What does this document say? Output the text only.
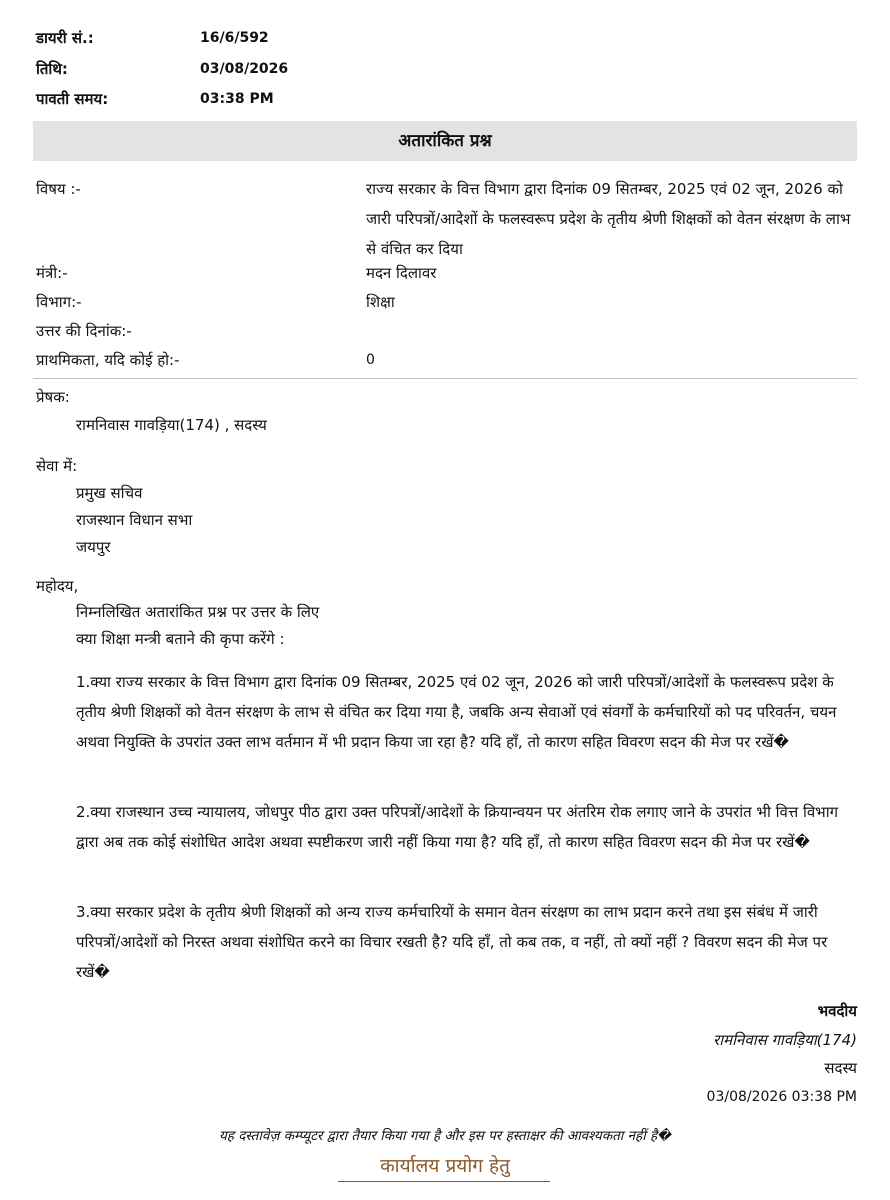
डायरी सं.:	16/6/592
तिथि:	03/08/2026
पावती समय:	03:38 PM
अतारांकित प्रश्न
विषय :-	राज्य सरकार के वित्त विभाग द्वारा दिनांक 09 सितम्बर, 2025 एवं 02 जून, 2026 को जारी परिपत्रों/आदेशों के फलस्वरूप प्रदेश के तृतीय श्रेणी शिक्षकों को वेतन संरक्षण के लाभ से वंचित कर दिया
मंत्री:-	मदन दिलावर
विभाग:-	शिक्षा
उत्तर की दिनांक:-
प्राथमिकता, यदि कोई हो:-	0
प्रेषक:
रामनिवास गावड़िया(174) , सदस्य
सेवा में:
प्रमुख सचिव
राजस्थान विधान सभा
जयपुर
महोदय,
निम्नलिखित अतारांकित प्रश्न पर उत्तर के लिए
क्या शिक्षा मन्त्री बताने की कृपा करेंगे :
1.क्या राज्य सरकार के वित्त विभाग द्वारा दिनांक 09 सितम्बर, 2025 एवं 02 जून, 2026 को जारी परिपत्रों/आदेशों के फलस्वरूप प्रदेश के तृतीय श्रेणी शिक्षकों को वेतन संरक्षण के लाभ से वंचित कर दिया गया है, जबकि अन्य सेवाओं एवं संवर्गों के कर्मचारियों को पद परिवर्तन, चयन अथवा नियुक्ति के उपरांत उक्त लाभ वर्तमान में भी प्रदान किया जा रहा है? यदि हाँ, तो कारण सहित विवरण सदन की मेज पर रखें�
2.क्या राजस्थान उच्च न्यायालय, जोधपुर पीठ द्वारा उक्त परिपत्रों/आदेशों के क्रियान्वयन पर अंतरिम रोक लगाए जाने के उपरांत भी वित्त विभाग द्वारा अब तक कोई संशोधित आदेश अथवा स्पष्टीकरण जारी नहीं किया गया है? यदि हाँ, तो कारण सहित विवरण सदन की मेज पर रखें�
3.क्या सरकार प्रदेश के तृतीय श्रेणी शिक्षकों को अन्य राज्य कर्मचारियों के समान वेतन संरक्षण का लाभ प्रदान करने तथा इस संबंध में जारी परिपत्रों/आदेशों को निरस्त अथवा संशोधित करने का विचार रखती है? यदि हाँ, तो कब तक, व नहीं, तो क्यों नहीं ? विवरण सदन की मेज पर रखें�
भवदीय
रामनिवास गावड़िया(174)
सदस्य
03/08/2026 03:38 PM
यह दस्तावेज़ कम्प्यूटर द्वारा तैयार किया गया है और इस पर हस्ताक्षर की आवश्यकता नहीं है�
कार्यालय प्रयोग हेतु
